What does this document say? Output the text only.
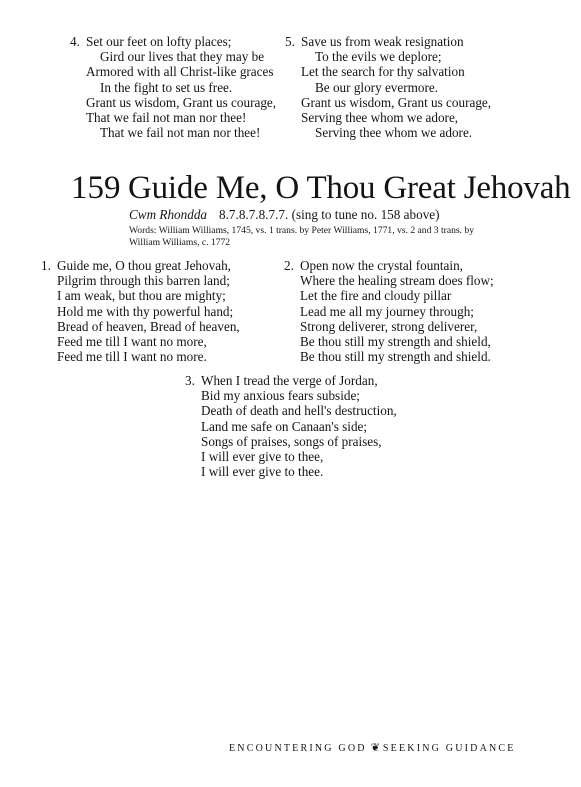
4. Set our feet on lofty places;
Gird our lives that they may be
Armored with all Christ-like graces
In the fight to set us free.
Grant us wisdom, Grant us courage,
That we fail not man nor thee!
That we fail not man nor thee!
5. Save us from weak resignation
To the evils we deplore;
Let the search for thy salvation
Be our glory evermore.
Grant us wisdom, Grant us courage,
Serving thee whom we adore,
Serving thee whom we adore.
159 Guide Me, O Thou Great Jehovah
Cwm Rhondda 8.7.8.7.8.7.7. (sing to tune no. 158 above)
Words: William Williams, 1745, vs. 1 trans. by Peter Williams, 1771, vs. 2 and 3 trans. by William Williams, c. 1772
1. Guide me, O thou great Jehovah,
Pilgrim through this barren land;
I am weak, but thou are mighty;
Hold me with thy powerful hand;
Bread of heaven, Bread of heaven,
Feed me till I want no more,
Feed me till I want no more.
2. Open now the crystal fountain,
Where the healing stream does flow;
Let the fire and cloudy pillar
Lead me all my journey through;
Strong deliverer, strong deliverer,
Be thou still my strength and shield,
Be thou still my strength and shield.
3. When I tread the verge of Jordan,
Bid my anxious fears subside;
Death of death and hell's destruction,
Land me safe on Canaan's side;
Songs of praises, songs of praises,
I will ever give to thee,
I will ever give to thee.
ENCOUNTERING GOD ❦ SEEKING GUIDANCE
